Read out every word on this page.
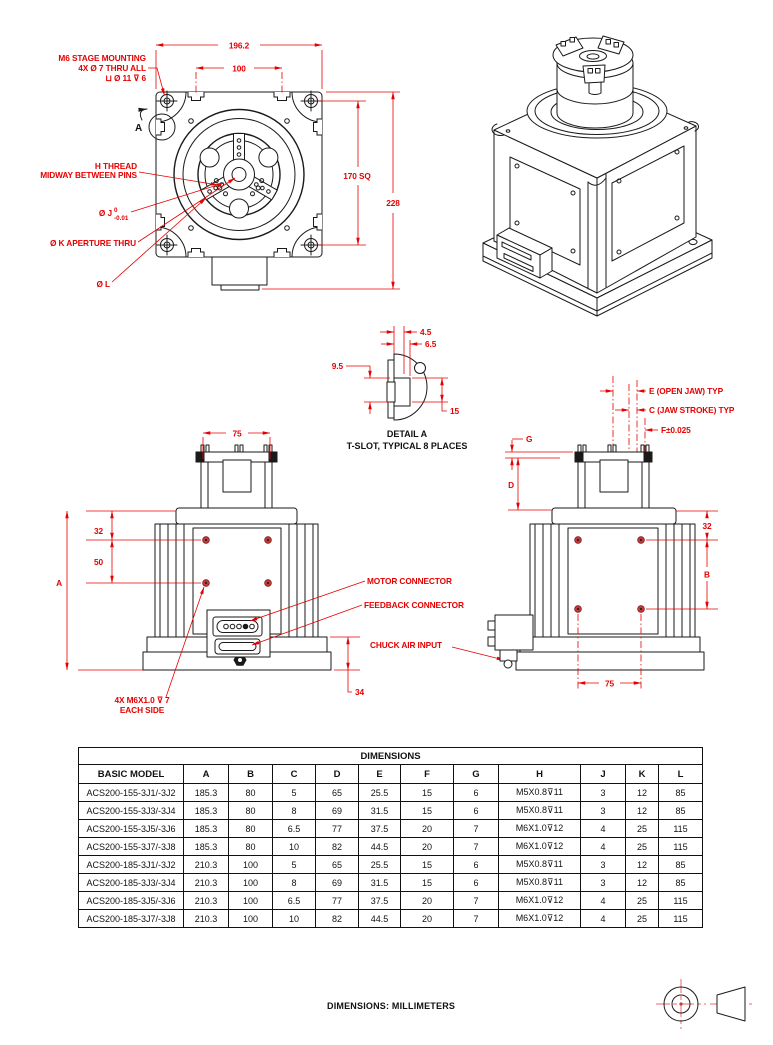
196.2
100
M6 STAGE MOUNTING
4X Ø 7 THRU ALL
⊔ Ø 11 ⊽ 6
170 SQ
228
A
H THREAD
MIDWAY BETWEEN PINS
Ø J 0
-0.01
Ø K APERTURE THRU
Ø L
4.5
6.5
9.5
15
DETAIL A
T-SLOT, TYPICAL 8 PLACES
75
32
50
A
34
4X M6X1.0 ⊽ 7
EACH SIDE
MOTOR CONNECTOR
FEEDBACK CONNECTOR
CHUCK AIR INPUT
E (OPEN JAW) TYP
C (JAW STROKE) TYP
F±0.025
G
D
32
B
75
DIMENSIONS											
BASIC MODEL	A	B	C	D	E	F	G	H	J	K	L
ACS200-155-3J1/-3J2	185.3	80	5	65	25.5	15	6	M5X0.8⊽11	3	12	85
ACS200-155-3J3/-3J4	185.3	80	8	69	31.5	15	6	M5X0.8⊽11	3	12	85
ACS200-155-3J5/-3J6	185.3	80	6.5	77	37.5	20	7	M6X1.0⊽12	4	25	115
ACS200-155-3J7/-3J8	185.3	80	10	82	44.5	20	7	M6X1.0⊽12	4	25	115
ACS200-185-3J1/-3J2	210.3	100	5	65	25.5	15	6	M5X0.8⊽11	3	12	85
ACS200-185-3J3/-3J4	210.3	100	8	69	31.5	15	6	M5X0.8⊽11	3	12	85
ACS200-185-3J5/-3J6	210.3	100	6.5	77	37.5	20	7	M6X1.0⊽12	4	25	115
ACS200-185-3J7/-3J8	210.3	100	10	82	44.5	20	7	M6X1.0⊽12	4	25	115
DIMENSIONS: MILLIMETERS
